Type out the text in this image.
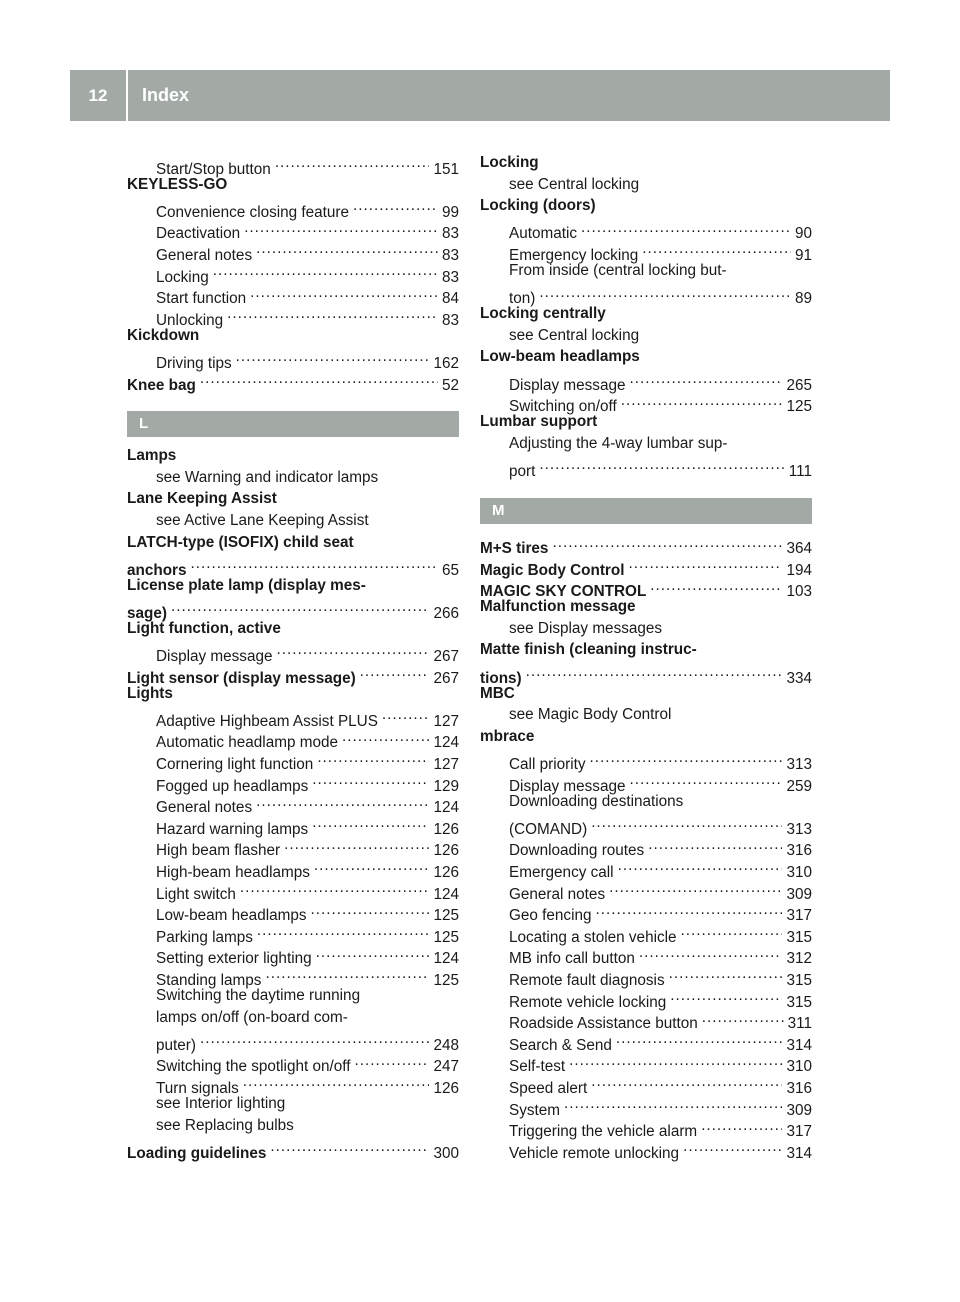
12	Index
Start/Stop button .....	151
KEYLESS-GO
Convenience closing feature .....	99
Deactivation .....	83
General notes .....	83
Locking .....	83
Start function .....	84
Unlocking .....	83
Kickdown
Driving tips .....	162
Knee bag .....	52
L
Lamps
see Warning and indicator lamps
Lane Keeping Assist
see Active Lane Keeping Assist
LATCH-type (ISOFIX) child seat
anchors .....	65
License plate lamp (display mes-
sage) .....	266
Light function, active
Display message .....	267
Light sensor (display message) .....	267
Lights
Adaptive Highbeam Assist PLUS .....	127
Automatic headlamp mode .....	124
Cornering light function .....	127
Fogged up headlamps .....	129
General notes .....	124
Hazard warning lamps .....	126
High beam flasher .....	126
High-beam headlamps .....	126
Light switch .....	124
Low-beam headlamps .....	125
Parking lamps .....	125
Setting exterior lighting .....	124
Standing lamps .....	125
Switching the daytime running
lamps on/off (on-board com-
puter) .....	248
Switching the spotlight on/off .....	247
Turn signals .....	126
see Interior lighting
see Replacing bulbs
Loading guidelines .....	300
Locking
see Central locking
Locking (doors)
Automatic .....	90
Emergency locking .....	91
From inside (central locking but-
ton) .....	89
Locking centrally
see Central locking
Low-beam headlamps
Display message .....	265
Switching on/off .....	125
Lumbar support
Adjusting the 4-way lumbar sup-
port .....	111
M
M+S tires .....	364
Magic Body Control .....	194
MAGIC SKY CONTROL .....	103
Malfunction message
see Display messages
Matte finish (cleaning instruc-
tions) .....	334
MBC
see Magic Body Control
mbrace
Call priority .....	313
Display message .....	259
Downloading destinations
(COMAND) .....	313
Downloading routes .....	316
Emergency call .....	310
General notes .....	309
Geo fencing .....	317
Locating a stolen vehicle .....	315
MB info call button .....	312
Remote fault diagnosis .....	315
Remote vehicle locking .....	315
Roadside Assistance button .....	311
Search & Send .....	314
Self-test .....	310
Speed alert .....	316
System .....	309
Triggering the vehicle alarm .....	317
Vehicle remote unlocking .....	314
